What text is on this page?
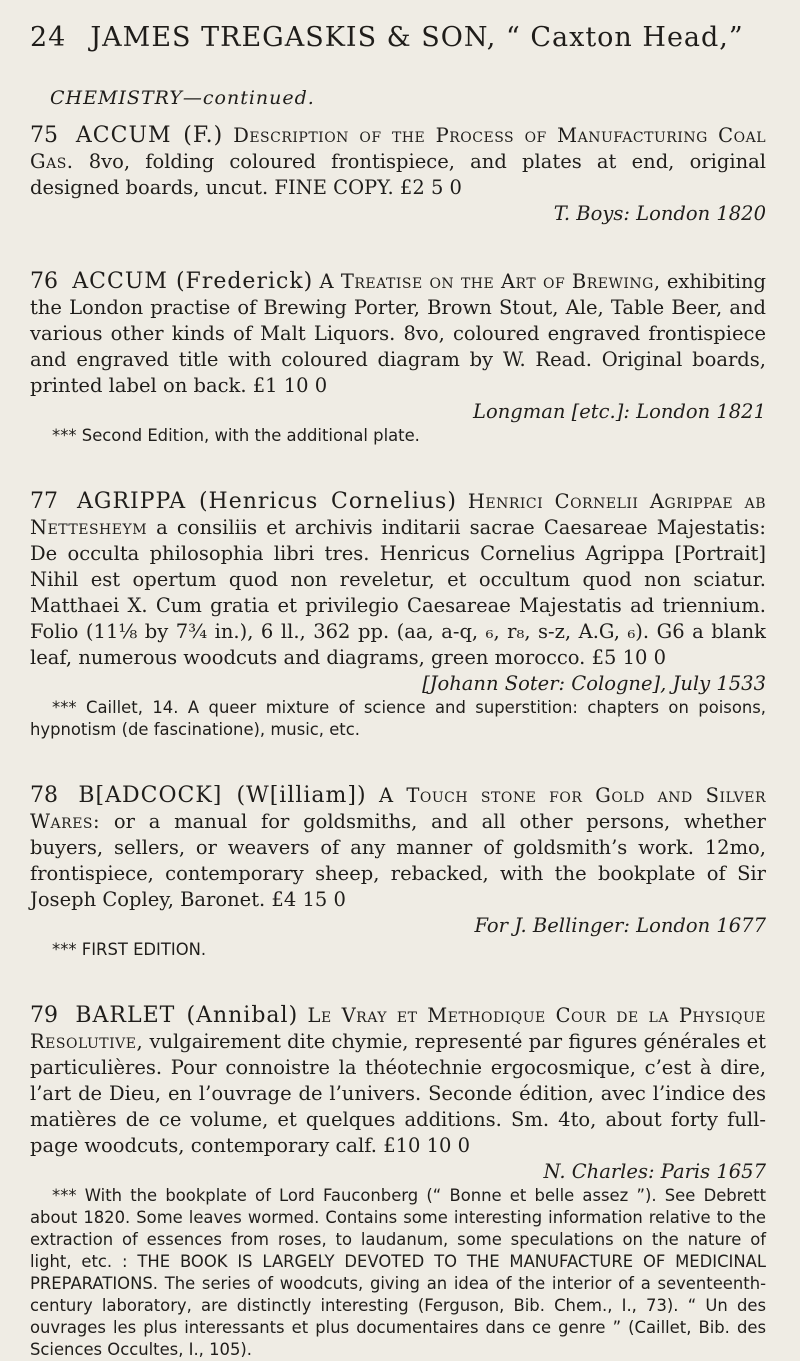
24 JAMES TREGASKIS & SON, “ Caxton Head,”
CHEMISTRY—continued.

75 ACCUM (F.) Description of the Process of Manufacturing Coal Gas. 8vo, folding coloured frontispiece, and plates at end, original designed boards, uncut. FINE COPY. £2 5 0

T. Boys: London 1820

76 ACCUM (Frederick) A Treatise on the Art of Brewing, exhibiting the London practise of Brewing Porter, Brown Stout, Ale, Table Beer, and various other kinds of Malt Liquors. 8vo, coloured engraved frontispiece and engraved title with coloured diagram by W. Read. Original boards, printed label on back. £1 10 0

Longman [etc.]: London 1821

*** Second Edition, with the additional plate.

77 AGRIPPA (Henricus Cornelius) Henrici Cornelii Agrippae ab Nettesheym a consiliis et archivis inditarii sacrae Caesareae Majestatis: De occulta philosophia libri tres. Henricus Cornelius Agrippa [Portrait] Nihil est opertum quod non reveletur, et occultum quod non sciatur. Matthaei X. Cum gratia et privilegio Caesareae Majestatis ad triennium. Folio (11⅛ by 7¾ in.), 6 ll., 362 pp. (aa, a-q, ₆, r₈, s-z, A.G, ₆). G6 a blank leaf, numerous woodcuts and diagrams, green morocco. £5 10 0

[Johann Soter: Cologne], July 1533

*** Caillet, 14. A queer mixture of science and superstition: chapters on poisons, hypnotism (de fascinatione), music, etc.

78 B[ADCOCK] (W[illiam]) A Touch stone for Gold and Silver Wares: or a manual for goldsmiths, and all other persons, whether buyers, sellers, or weavers of any manner of goldsmith’s work. 12mo, frontispiece, contemporary sheep, rebacked, with the bookplate of Sir Joseph Copley, Baronet. £4 15 0

For J. Bellinger: London 1677

*** FIRST EDITION.

79 BARLET (Annibal) Le Vray et Methodique Cour de la Physique Resolutive, vulgairement dite chymie, representé par figures générales et particulières. Pour connoistre la théotechnie ergocosmique, c’est à dire, l’art de Dieu, en l’ouvrage de l’univers. Seconde édition, avec l’indice des matières de ce volume, et quelques additions. Sm. 4to, about forty full-page woodcuts, contemporary calf. £10 10 0

N. Charles: Paris 1657

*** With the bookplate of Lord Fauconberg (“ Bonne et belle assez ”). See Debrett about 1820. Some leaves wormed. Contains some interesting information relative to the extraction of essences from roses, to laudanum, some speculations on the nature of light, etc. : THE BOOK IS LARGELY DEVOTED TO THE MANUFACTURE OF MEDICINAL PREPARATIONS. The series of woodcuts, giving an idea of the interior of a seventeenth-century laboratory, are distinctly interesting (Ferguson, Bib. Chem., I., 73). “ Un des ouvrages les plus interessants et plus documentaires dans ce genre ” (Caillet, Bib. des Sciences Occultes, I., 105).
